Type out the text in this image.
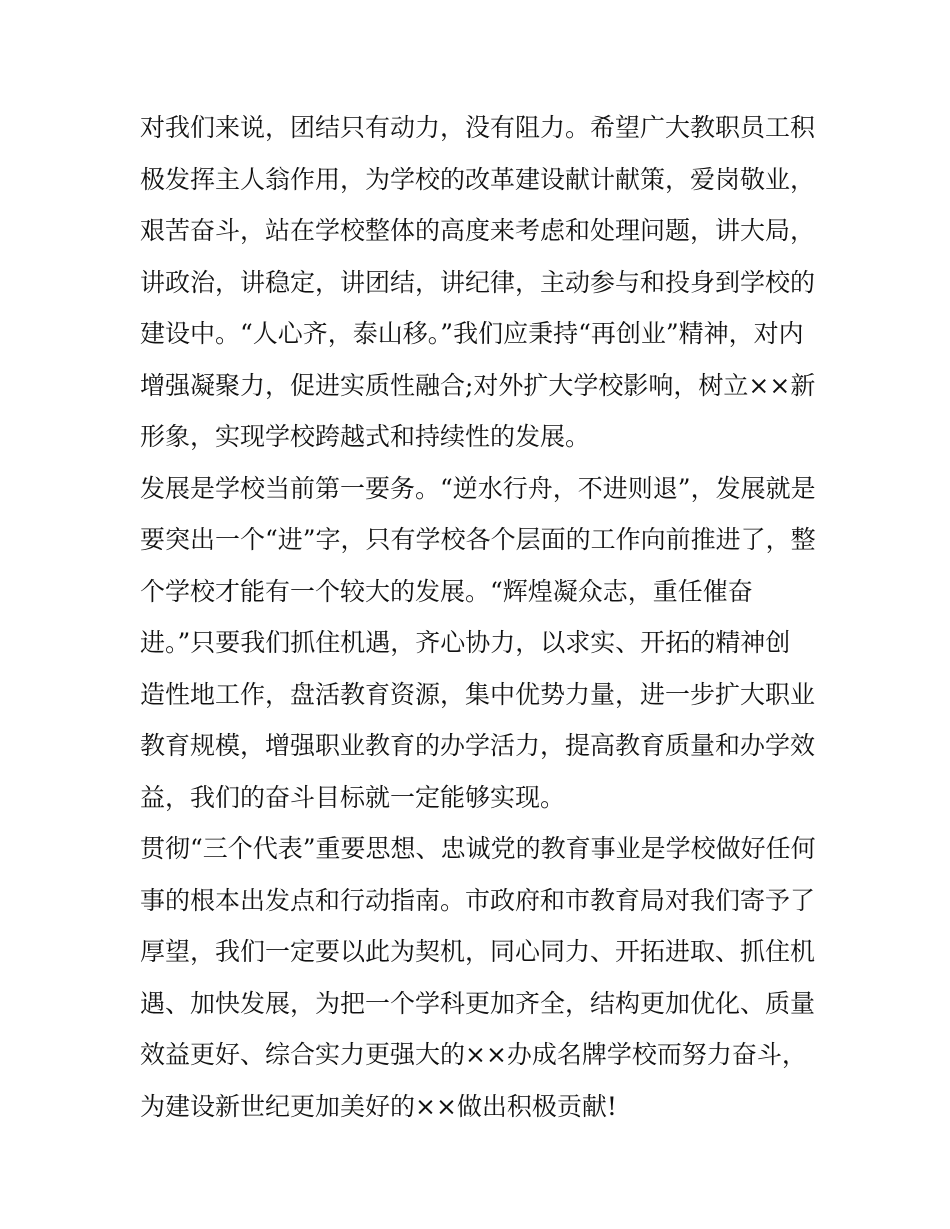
对我们来说，团结只有动力，没有阻力。希望广大教职员工积
极发挥主人翁作用，为学校的改革建设献计献策，爱岗敬业，
艰苦奋斗，站在学校整体的高度来考虑和处理问题，讲大局，
讲政治，讲稳定，讲团结，讲纪律，主动参与和投身到学校的
建设中。“人心齐，泰山移。”我们应秉持“再创业”精神，对内
增强凝聚力，促进实质性融合;对外扩大学校影响，树立××新
形象，实现学校跨越式和持续性的发展。
发展是学校当前第一要务。“逆水行舟，不进则退”，发展就是
要突出一个“进”字，只有学校各个层面的工作向前推进了，整
个学校才能有一个较大的发展。“辉煌凝众志，重任催奋
进。”只要我们抓住机遇，齐心协力，以求实、开拓的精神创
造性地工作，盘活教育资源，集中优势力量，进一步扩大职业
教育规模，增强职业教育的办学活力，提高教育质量和办学效
益，我们的奋斗目标就一定能够实现。
贯彻“三个代表”重要思想、忠诚党的教育事业是学校做好任何
事的根本出发点和行动指南。市政府和市教育局对我们寄予了
厚望，我们一定要以此为契机，同心同力、开拓进取、抓住机
遇、加快发展，为把一个学科更加齐全，结构更加优化、质量
效益更好、综合实力更强大的××办成名牌学校而努力奋斗，
为建设新世纪更加美好的××做出积极贡献!
